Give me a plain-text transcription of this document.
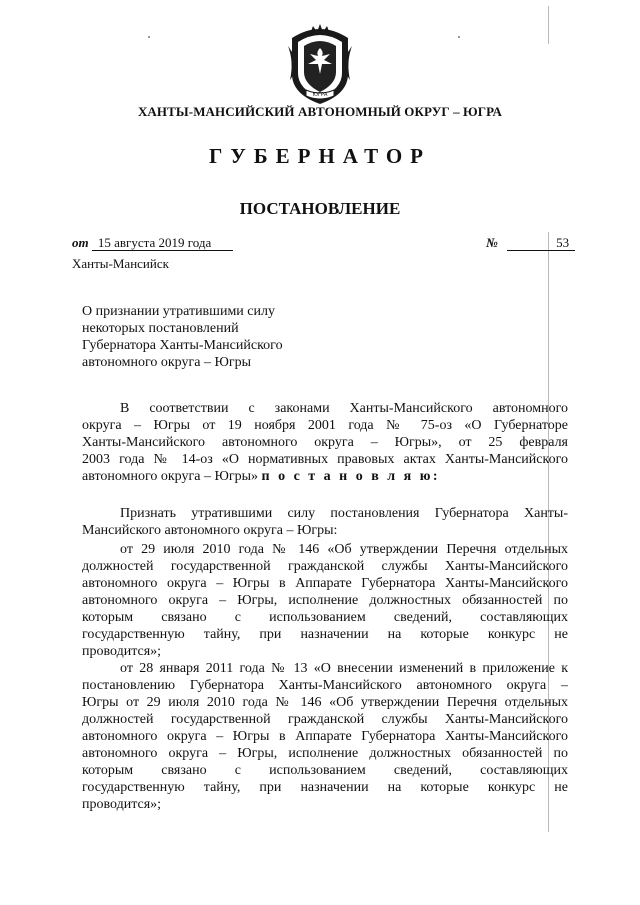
ЮГРА
ХАНТЫ-МАНСИЙСКИЙ АВТОНОМНЫЙ ОКРУГ – ЮГРА
ГУБЕРНАТОР
ПОСТАНОВЛЕНИЕ
от 15 августа 2019 года	№	53
Ханты-Мансийск
О признании утратившими силу
некоторых постановлений
Губернатора Ханты-Мансийского
автономного округа – Югры
В соответствии с законами Ханты-Мансийского автономного
округа – Югры от 19 ноября 2001 года № 75-оз «О Губернаторе
Ханты-Мансийского автономного округа – Югры», от 25 февраля
2003 года № 14-оз «О нормативных правовых актах Ханты-Мансийского
автономного округа – Югры» п о с т а н о в л я ю:
Признать утратившими силу постановления Губернатора Ханты-
Мансийского автономного округа – Югры:
от 29 июля 2010 года № 146 «Об утверждении Перечня отдельных
должностей государственной гражданской службы Ханты-Мансийского
автономного округа – Югры в Аппарате Губернатора Ханты-Мансийского
автономного округа – Югры, исполнение должностных обязанностей по
которым связано с использованием сведений, составляющих
государственную тайну, при назначении на которые конкурс не
проводится»;
от 28 января 2011 года № 13 «О внесении изменений в приложение к
постановлению Губернатора Ханты-Мансийского автономного округа –
Югры от 29 июля 2010 года № 146 «Об утверждении Перечня отдельных
должностей государственной гражданской службы Ханты-Мансийского
автономного округа – Югры в Аппарате Губернатора Ханты-Мансийского
автономного округа – Югры, исполнение должностных обязанностей по
которым связано с использованием сведений, составляющих
государственную тайну, при назначении на которые конкурс не
проводится»;
